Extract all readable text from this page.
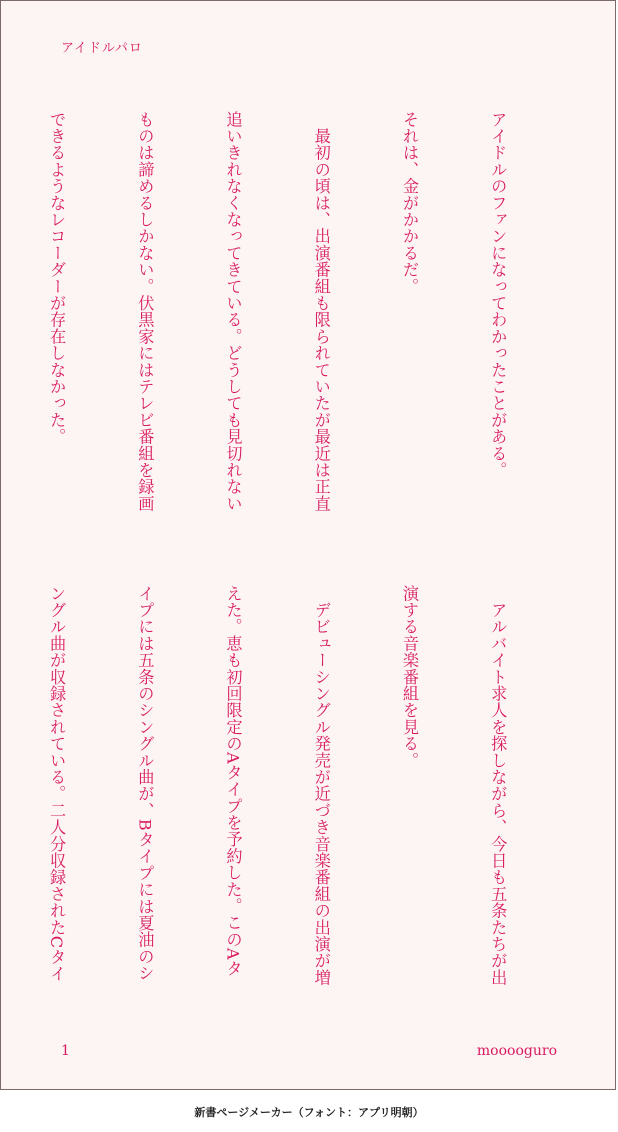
アイドルパロ

アイドルのファンになってわかったことがある。

それは、金がかかるだ。

　最初の頃は、出演番組も限られていたが最近は正直

追いきれなくなってきている。どうしても見切れない

ものは諦めるしかない。伏黒家にはテレビ番組を録画

できるようなレコーダーが存在しなかった。

　アルバイト求人を探しながら、今日も五条たちが出

演する音楽番組を見る。

　デビューシングル発売が近づき音楽番組の出演が増

えた。恵も初回限定のAタイプを予約した。このAタ

イプには五条のシングル曲が、Bタイプには夏油のシ

ングル曲が収録されている。二人分収録されたCタイ

1	mooooguro
新書ページメーカー（フォント：アプリ明朝）
